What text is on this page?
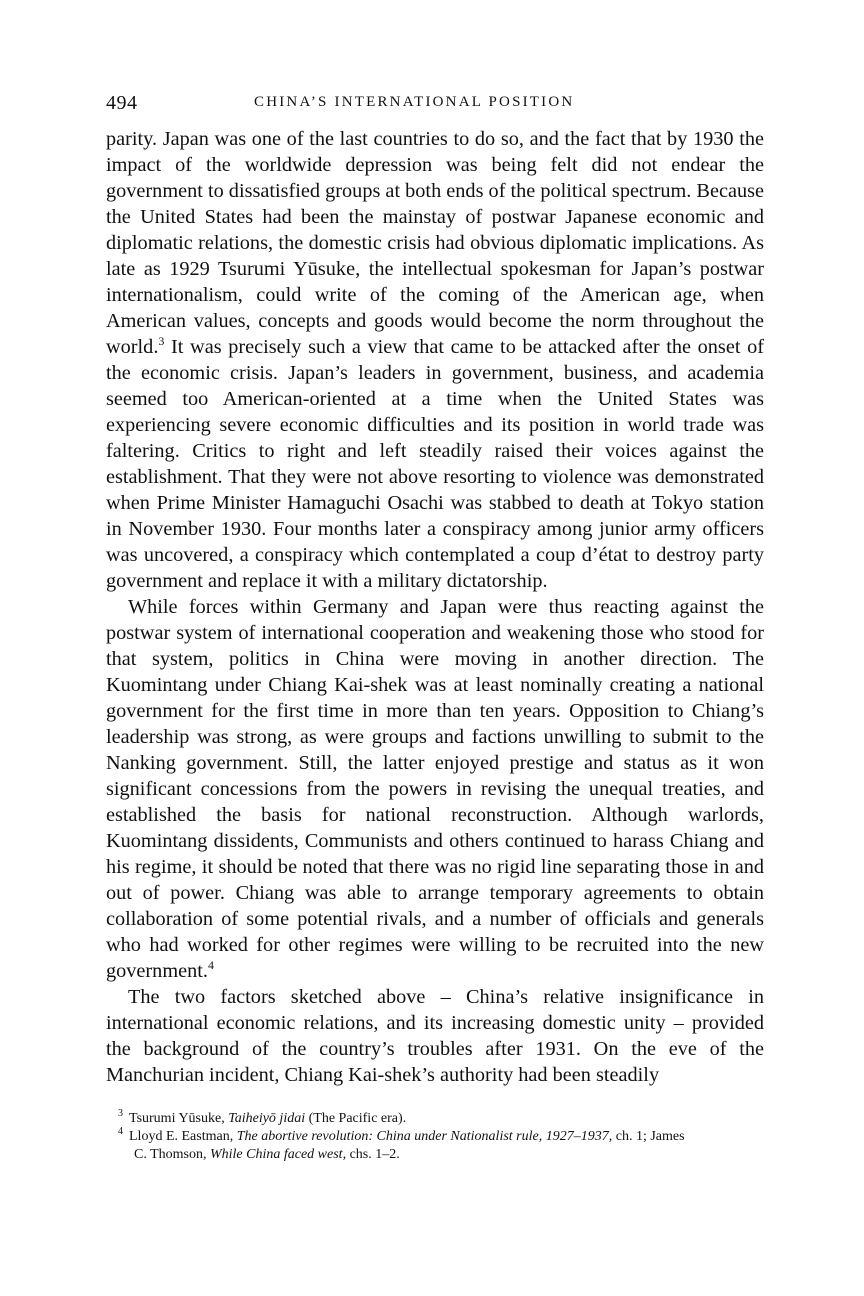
494	CHINA’S INTERNATIONAL POSITION

parity. Japan was one of the last countries to do so, and the fact that by 1930 the impact of the worldwide depression was being felt did not endear the government to dissatisfied groups at both ends of the political spectrum. Because the United States had been the mainstay of postwar Japanese economic and diplomatic relations, the domestic crisis had obvious diplomatic implications. As late as 1929 Tsurumi Yūsuke, the intellectual spokesman for Japan’s postwar internationalism, could write of the coming of the American age, when American values, concepts and goods would become the norm throughout the world.$^3$ It was precisely such a view that came to be attacked after the onset of the economic crisis. Japan’s leaders in government, business, and academia seemed too American-oriented at a time when the United States was experiencing severe economic difficulties and its position in world trade was faltering. Critics to right and left steadily raised their voices against the establishment. That they were not above resorting to violence was demonstrated when Prime Minister Hamaguchi Osachi was stabbed to death at Tokyo station in November 1930. Four months later a conspiracy among junior army officers was uncovered, a conspiracy which contemplated a coup d’état to destroy party government and replace it with a military dictatorship.

While forces within Germany and Japan were thus reacting against the postwar system of international cooperation and weakening those who stood for that system, politics in China were moving in another direction. The Kuomintang under Chiang Kai-shek was at least nominally creating a national government for the first time in more than ten years. Opposition to Chiang’s leadership was strong, as were groups and factions unwilling to submit to the Nanking government. Still, the latter enjoyed prestige and status as it won significant concessions from the powers in revising the unequal treaties, and established the basis for national reconstruction. Although warlords, Kuomintang dissidents, Communists and others continued to harass Chiang and his regime, it should be noted that there was no rigid line separating those in and out of power. Chiang was able to arrange temporary agreements to obtain collaboration of some potential rivals, and a number of officials and generals who had worked for other regimes were willing to be recruited into the new government.$^4$

The two factors sketched above – China’s relative insignificance in international economic relations, and its increasing domestic unity – provided the background of the country’s troubles after 1931. On the eve of the Manchurian incident, Chiang Kai-shek’s authority had been steadily

$^3$ Tsurumi Yūsuke, Taiheiyō jidai (The Pacific era).

$^4$ Lloyd E. Eastman, The abortive revolution: China under Nationalist rule, 1927–1937, ch. 1; James
C. Thomson, While China faced west, chs. 1–2.
